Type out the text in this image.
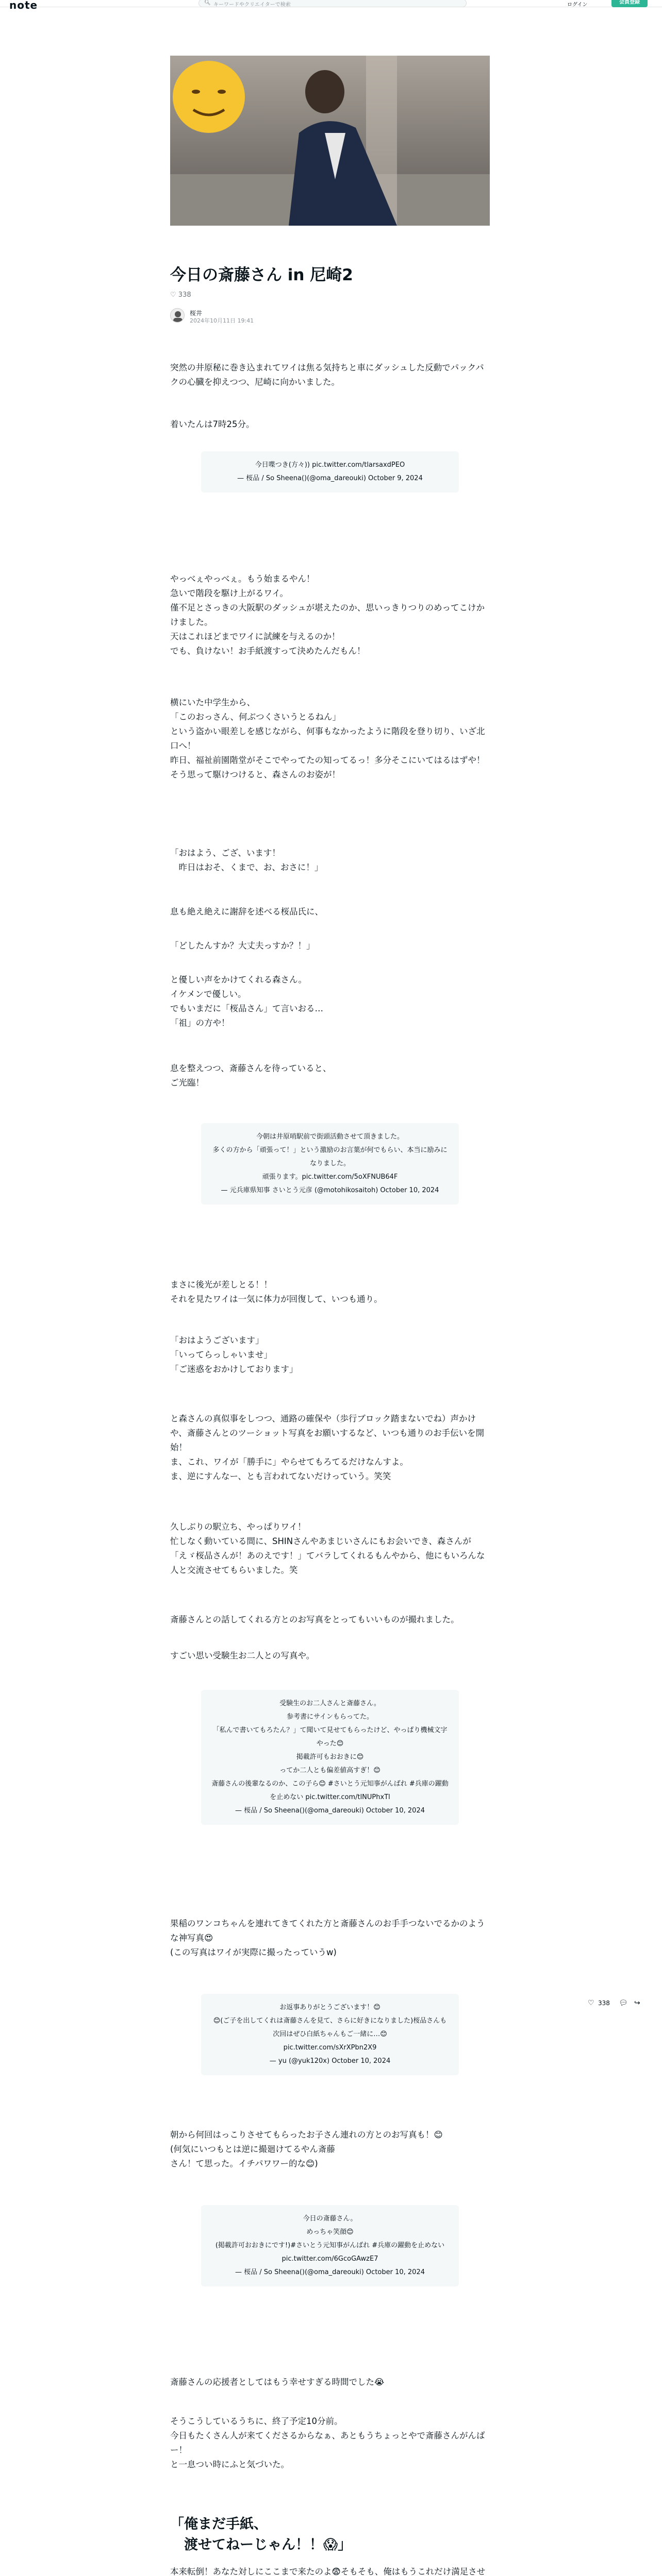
note	🔍︎ キーワードやクリエイターで検索	ログイン	会員登録
今日の斎藤さん in 尼崎2
♡ 338
桜井
2024年10月11日 19:41
突然の井原秘に巻き込まれてワイは焦る気持ちと車にダッシュした反動でパックパクの心臓を抑えつつ、尼崎に向かいました。
着いたんは7時25分。
今日喋つき(方々)) pic.twitter.com/tlarsaxdPEO
— 桜品 / So Sheena()(@oma_dareouki) October 9, 2024
やっべぇやっべぇ。もう始まるやん！
急いで階段を駆け上がるワイ。
僅不足とさっきの大阪駅のダッシュが堪えたのか、思いっきりつりのめってこけかけました。
天はこれほどまでワイに試練を与えるのか！
でも、負けない！お手紙渡すって決めたんだもん！
横にいた中学生から、
「このおっさん、何ぶつくさいうとるねん」
という盗かい眼差しを感じながら、何事もなかったように階段を登り切り、いざ北口へ！
昨日、福祉前園階堂がそこでやってたの知ってるっ！多分そこにいてはるはずや！
そう思って駆けつけると、森さんのお姿が！
「おはよう、ござ、います！
　昨日はおそ、くまで、お、おさに！」
息も絶え絶えに謝辞を述べる桜品氏に、
「どしたんすか？大丈夫っすか？！」
と優しい声をかけてくれる森さん。
イケメンで優しい。
でもいまだに「桜品さん」て言いおる…
「祖」の方や！
息を整えつつ、斎藤さんを待っていると、
ご光臨！
今朝は井原哨駅前で街頭活動させて頂きました。
多くの方から「頑張って！」という激励のお言葉が何でもらい、本当に励みになりました。
頑張ります。pic.twitter.com/5oXFNUB64F
— 元兵庫県知事 さいとう元彦 (@motohikosaitoh) October 10, 2024
まさに後光が差しとる！！
それを見たワイは一気に体力が回復して、いつも通り。
「おはようございます」
「いってらっしゃいませ」
「ご迷惑をおかけしております」
と森さんの真似事をしつつ、通路の確保や（歩行ブロック踏まないでね）声かけや、斎藤さんとのツーショット写真をお願いするなど、いつも通りのお手伝いを開始！
ま、これ、ワイが「勝手に」やらせてもろてるだけなんすよ。
ま、逆にすんなー、とも言われてないだけっていう。笑笑
久しぶりの駅立ち、やっぱりワイ！
忙しなく動いている間に、SHINさんやあまじいさんにもお会いでき、森さんが「えゞ桜品さんが！あのえです！」てバラしてくれるもんやから、他にもいろんな人と交流させてもらいました。笑
斎藤さんとの話してくれる方とのお写真をとってもいいものが撮れました。
すごい思い受験生お二人との写真や。
受験生のお二人さんと斎藤さん。
参考書にサインもらってた。
「私んで書いてもろたん？」て聞いて見せてもらったけど、やっぱり機械文字やった😊
掲載許可もおおきに😊
ってか二人とも偏差値高すぎ！😊
斎藤さんの後輩なるのか、この子ら😊 #さいとう元知事がんばれ #兵庫の躍動を止めない pic.twitter.com/tlNUPhxTl
— 桜品 / So Sheena()(@oma_dareouki) October 10, 2024
果稲のワンコちゃんを連れてきてくれた方と斎藤さんのお手手つないでるかのような神写真😍
(この写真はワイが実際に撮ったっていうw)
お返事ありがとうございます！😊
😊(ご子を出してくれは斎藤さんを見て、さらに好きになりました)桜品さんも次回はぜひ白紙ちゃんもご一緒に…😊
pic.twitter.com/sXrXPbn2X9
— yu (@yuk120x) October 10, 2024
朝から何回はっこりさせてもらったお子さん連れの方とのお写真も！😊
(何気にいつもとは逆に撮廻けてるやん斎藤
さん！て思った。イチパワワー的な😊)
今日の斎藤さん。
めっちゃ笑顔😊
(掲載許可おおきにです!)#さいとう元知事がんばれ #兵庫の躍動を止めない pic.twitter.com/6GcoGAwzE7
— 桜品 / So Sheena()(@oma_dareouki) October 10, 2024
斎藤さんの応援者としてはもう幸せすぎる時間でした😭
そうこうしているうちに、終了予定10分前。
今日もたくさん人が来てくださるからなぁ、あともうちょっとやで斎藤さんがんばー！
と一息つい時にふと気づいた。
「俺まだ手紙、
　渡せてねーじゃん！！😱」
本来転倒！あなた対しにここまで来たのよ😨そもそも、俺はもうこれだけ満足させ
♡ 338 💬︎ ↪
